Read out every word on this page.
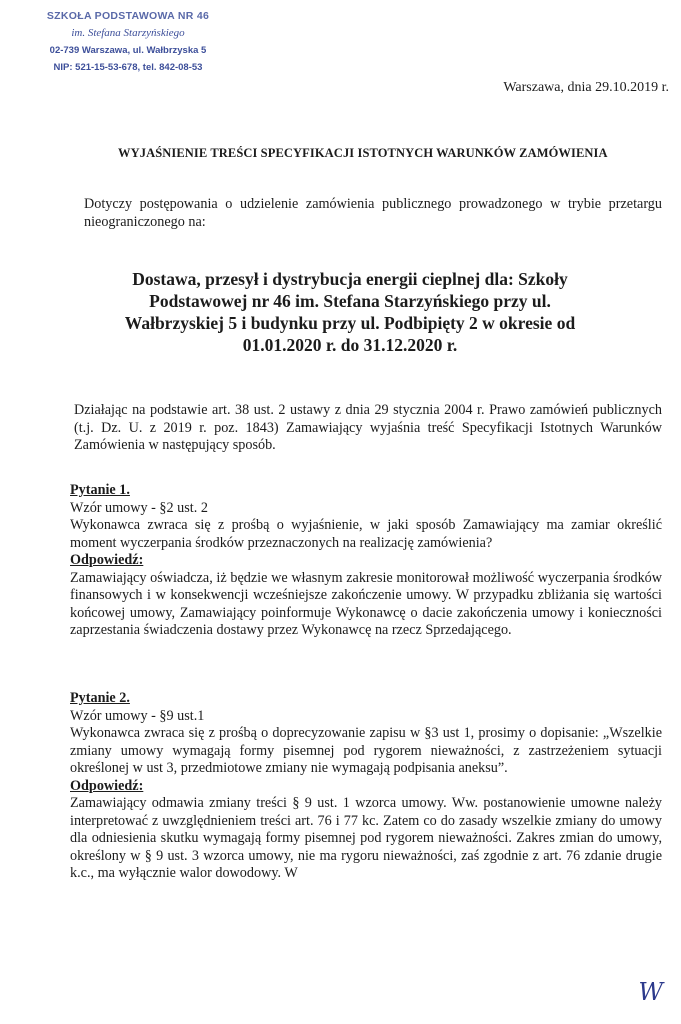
SZKOŁA PODSTAWOWA NR 46
im. Stefana Starzyńskiego
02-739 Warszawa, ul. Wałbrzyska 5
NIP: 521-15-53-678, tel. 842-08-53
Warszawa, dnia 29.10.2019 r.
WYJAŚNIENIE TREŚCI SPECYFIKACJI ISTOTNYCH WARUNKÓW ZAMÓWIENIA
Dotyczy postępowania o udzielenie zamówienia publicznego prowadzonego w trybie przetargu nieograniczonego na:
Dostawa, przesył i dystrybucja energii cieplnej dla: Szkoły Podstawowej nr 46 im. Stefana Starzyńskiego przy ul. Wałbrzyskiej 5 i budynku przy ul. Podbipięty 2 w okresie od 01.01.2020 r. do 31.12.2020 r.
Działając na podstawie art. 38 ust. 2 ustawy z dnia 29 stycznia 2004 r. Prawo zamówień publicznych (t.j. Dz. U. z 2019 r. poz. 1843) Zamawiający wyjaśnia treść Specyfikacji Istotnych Warunków Zamówienia w następujący sposób.
Pytanie 1.
Wzór umowy - §2 ust. 2
Wykonawca zwraca się z prośbą o wyjaśnienie, w jaki sposób Zamawiający ma zamiar określić moment wyczerpania środków przeznaczonych na realizację zamówienia?
Odpowiedź:
Zamawiający oświadcza, iż będzie we własnym zakresie monitorował możliwość wyczerpania środków finansowych i w konsekwencji wcześniejsze zakończenie umowy. W przypadku zbliżania się wartości końcowej umowy, Zamawiający poinformuje Wykonawcę o dacie zakończenia umowy i konieczności zaprzestania świadczenia dostawy przez Wykonawcę na rzecz Sprzedającego.
Pytanie 2.
Wzór umowy - §9 ust.1
Wykonawca zwraca się z prośbą o doprecyzowanie zapisu w §3 ust 1, prosimy o dopisanie: „Wszelkie zmiany umowy wymagają formy pisemnej pod rygorem nieważności, z zastrzeżeniem sytuacji określonej w ust 3, przedmiotowe zmiany nie wymagają podpisania aneksu”.
Odpowiedź:
Zamawiający odmawia zmiany treści § 9 ust. 1 wzorca umowy. Ww. postanowienie umowne należy interpretować z uwzględnieniem treści art. 76 i 77 kc. Zatem co do zasady wszelkie zmiany do umowy dla odniesienia skutku wymagają formy pisemnej pod rygorem nieważności. Zakres zmian do umowy, określony w § 9 ust. 3 wzorca umowy, nie ma rygoru nieważności, zaś zgodnie z art. 76 zdanie drugie k.c., ma wyłącznie walor dowodowy. W
W
